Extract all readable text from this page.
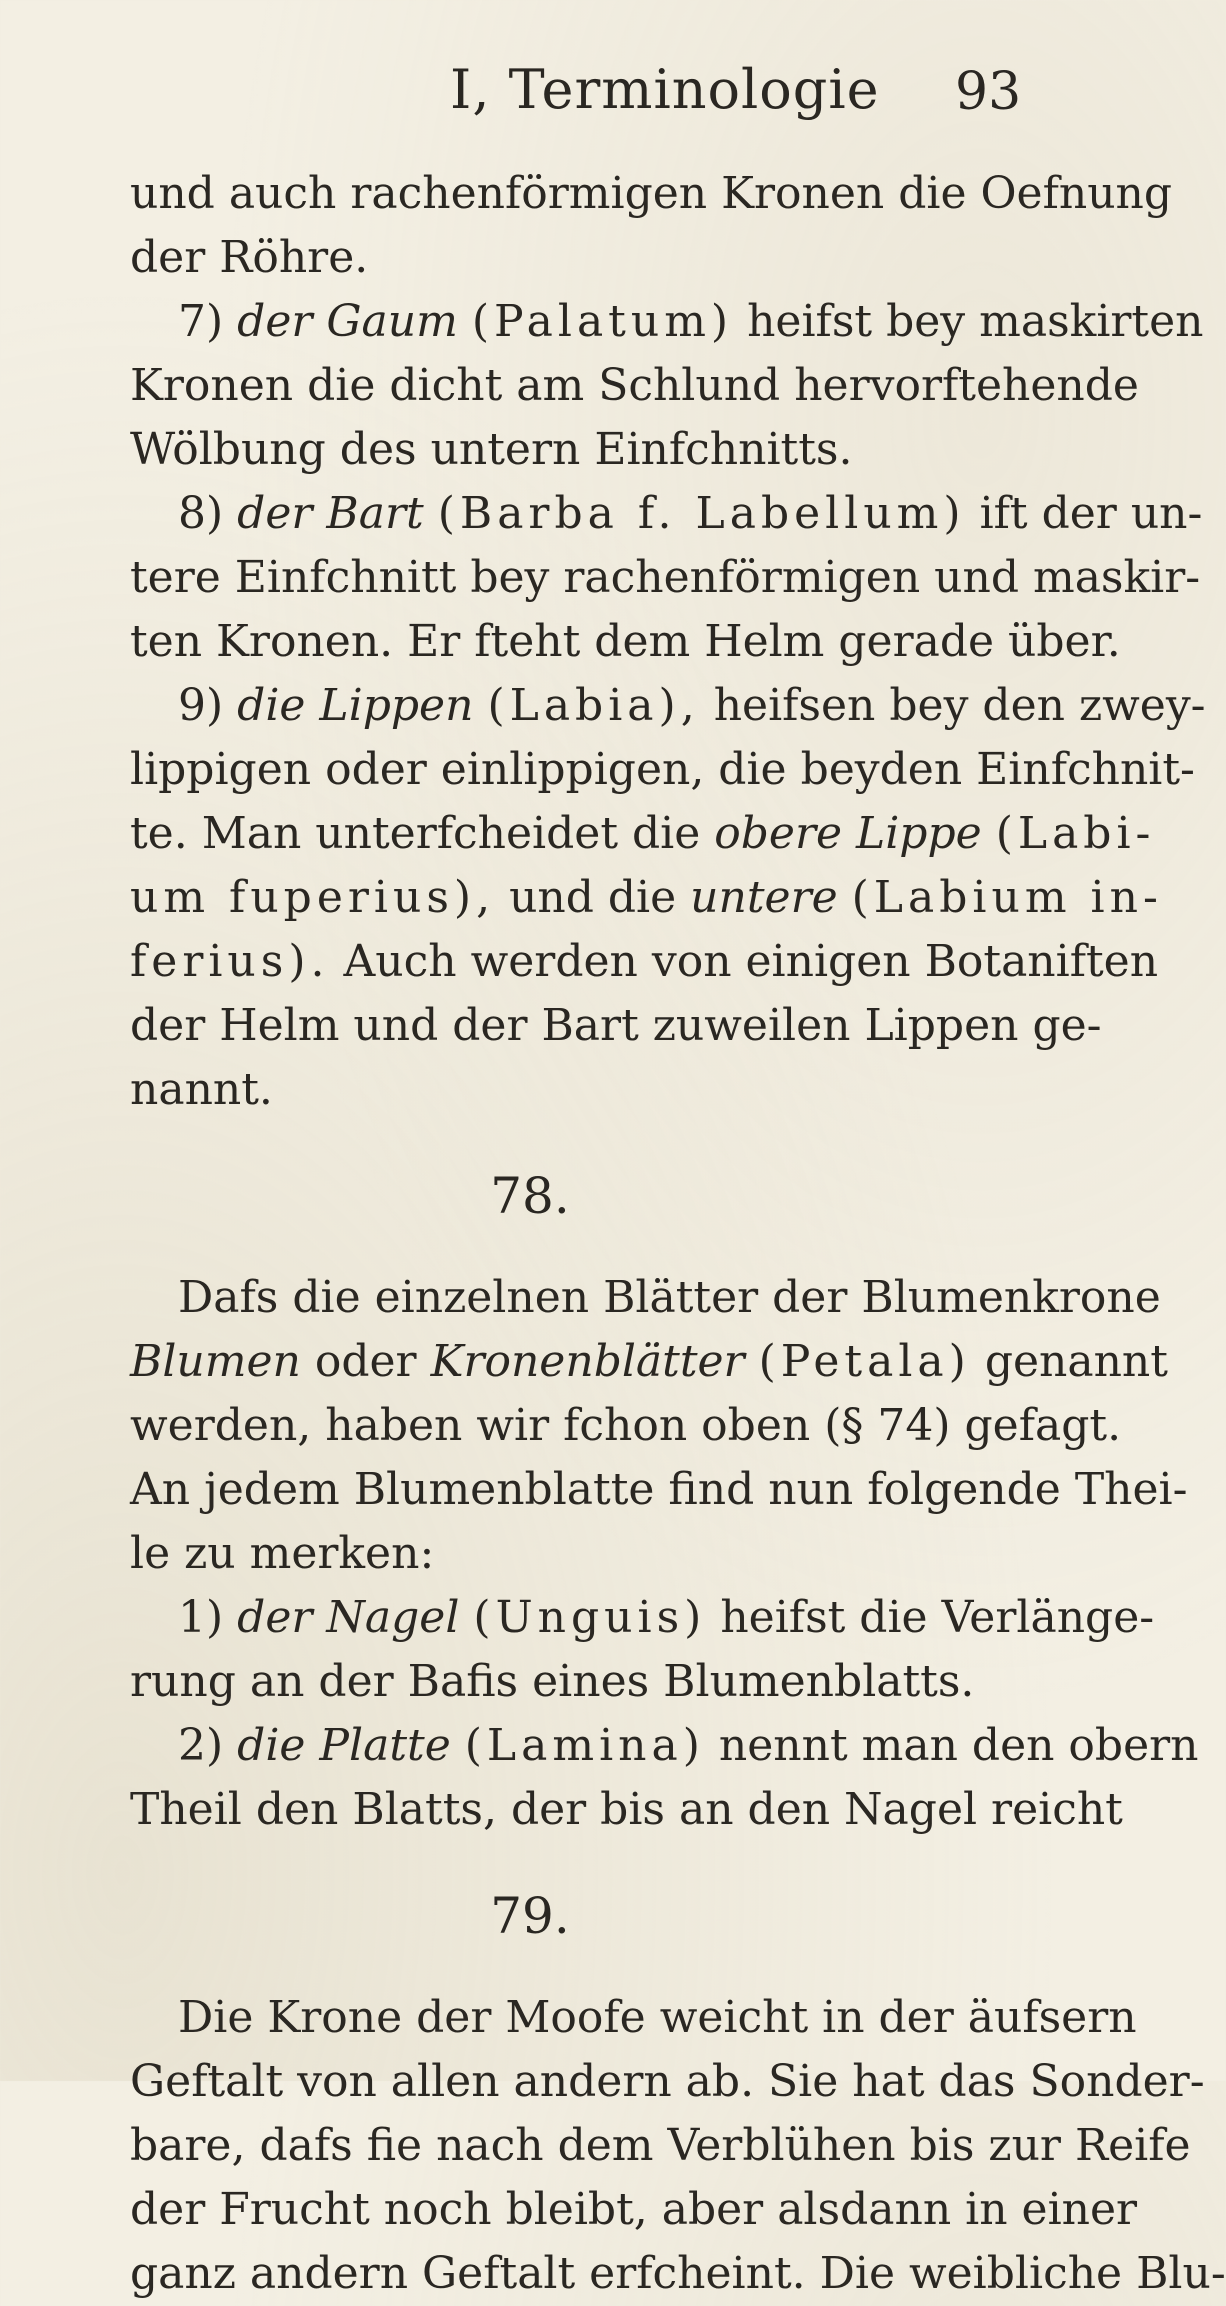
I, Terminologie 93
und auch rachenförmigen Kronen die Oefnung
der Röhre.
7) der Gaum (Palatum) heifst bey maskirten
Kronen die dicht am Schlund hervorftehende
Wölbung des untern Einfchnitts.
8) der Bart (Barba f. Labellum) ift der un-
tere Einfchnitt bey rachenförmigen und maskir-
ten Kronen. Er fteht dem Helm gerade über.
9) die Lippen (Labia), heifsen bey den zwey-
lippigen oder einlippigen, die beyden Einfchnit-
te. Man unterfcheidet die obere Lippe (Labi-
um fuperius), und die untere (Labium in-
ferius). Auch werden von einigen Botaniften
der Helm und der Bart zuweilen Lippen ge-
nannt.
78.
Dafs die einzelnen Blätter der Blumenkrone
Blumen oder Kronenblätter (Petala) genannt
werden, haben wir fchon oben (§ 74) gefagt.
An jedem Blumenblatte find nun folgende Thei-
le zu merken:
1) der Nagel (Unguis) heifst die Verlänge-
rung an der Bafis eines Blumenblatts.
2) die Platte (Lamina) nennt man den obern
Theil den Blatts, der bis an den Nagel reicht
79.
Die Krone der Moofe weicht in der äufsern
Geftalt von allen andern ab. Sie hat das Sonder-
bare, dafs fie nach dem Verblühen bis zur Reife
der Frucht noch bleibt, aber alsdann in einer
ganz andern Geftalt erfcheint. Die weibliche Blu-
